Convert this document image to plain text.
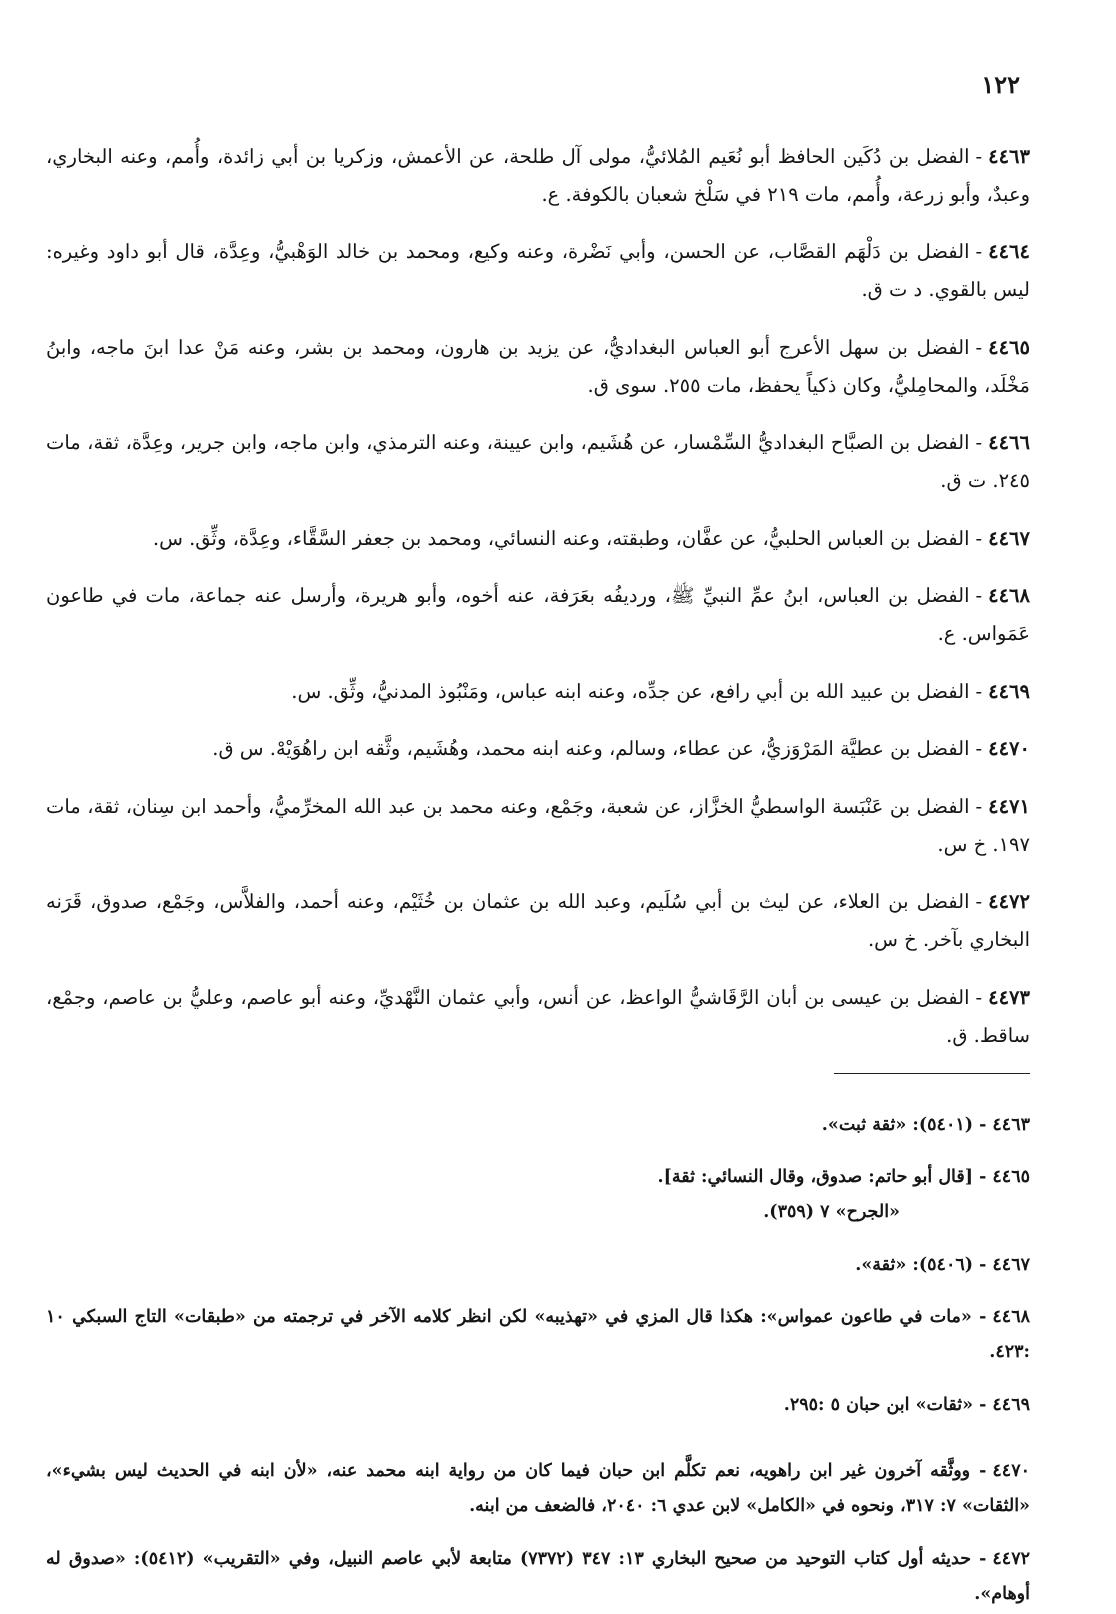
١٢٢

٤٤٦٣-الفضل بن دُكَين الحافظ أبو نُعَيم المُلائيُّ، مولى آل طلحة، عن الأعمش، وزكريا بن أبي زائدة، وأُمم، وعنه البخاري، وعبدٌ، وأبو زرعة، وأُمم، مات ٢١٩ في سَلْخ شعبان بالكوفة. ع.

٤٤٦٤-الفضل بن دَلْهَم القصَّاب، عن الحسن، وأبي نَضْرة، وعنه وكيع، ومحمد بن خالد الوَهْبيُّ، وعِدَّة، قال أبو داود وغيره: ليس بالقوي. د ت ق.

٤٤٦٥-الفضل بن سهل الأعرج أبو العباس البغداديُّ، عن يزيد بن هارون، ومحمد بن بشر، وعنه مَنْ عدا ابنَ ماجه، وابنُ مَخْلَد، والمحامِليُّ، وكان ذكياً يحفظ، مات ٢٥٥. سوى ق.

٤٤٦٦-الفضل بن الصبَّاح البغداديُّ السِّمْسار، عن هُشَيم، وابن عيينة، وعنه الترمذي، وابن ماجه، وابن جرير، وعِدَّة، ثقة، مات ٢٤٥. ت ق.

٤٤٦٧-الفضل بن العباس الحلبيُّ، عن عفَّان، وطبقته، وعنه النسائي، ومحمد بن جعفر السَّقَّاء، وعِدَّة، وثِّق. س.

٤٤٦٨-الفضل بن العباس، ابنُ عمِّ النبيِّ ﷺ، ورديفُه بعَرَفة، عنه أخوه، وأبو هريرة، وأرسل عنه جماعة، مات في طاعون عَمَواس. ع.

٤٤٦٩-الفضل بن عبيد الله بن أبي رافع، عن جدِّه، وعنه ابنه عباس، ومَنْبُوذ المدنيُّ، وثِّق. س.

٤٤٧٠-الفضل بن عطيَّة المَرْوَزيُّ، عن عطاء، وسالم، وعنه ابنه محمد، وهُشَيم، وثَّقه ابن راهُوَيْهْ. س ق.

٤٤٧١-الفضل بن عَنْبَسة الواسطيُّ الخزَّاز، عن شعبة، وجَمْع، وعنه محمد بن عبد الله المخرِّميُّ، وأحمد ابن سِنان، ثقة، مات ١٩٧. خ س.

٤٤٧٢-الفضل بن العلاء، عن ليث بن أبي سُلَيم، وعبد الله بن عثمان بن خُثَيْم، وعنه أحمد، والفلاَّس، وجَمْع، صدوق، قَرَنه البخاري بآخر. خ س.

٤٤٧٣-الفضل بن عيسى بن أبان الرَّقَاشيُّ الواعظ، عن أنس، وأبي عثمان النَّهْديِّ، وعنه أبو عاصم، وعليُّ بن عاصم، وجمْع، ساقط. ق.

٤٤٦٣- (٥٤٠١): «ثقة ثبت».

٤٤٦٥- [قال أبو حاتم: صدوق، وقال النسائي: ثقة].
«الجرح» ٧ (٣٥٩).

٤٤٦٧- (٥٤٠٦): «ثقة».

٤٤٦٨- «مات في طاعون عمواس»: هكذا قال المزي في «تهذيبه» لكن انظر كلامه الآخر في ترجمته من «طبقات» التاج السبكي ١٠ :٤٢٣.

٤٤٦٩- «ثقات» ابن حبان ٥ :٢٩٥.

٤٤٧٠- ووثَّقه آخرون غير ابن راهويه، نعم تكلَّم ابن حبان فيما كان من رواية ابنه محمد عنه، «لأن ابنه في الحديث ليس بشيء»، «الثقات» ٧: ٣١٧، ونحوه في «الكامل» لابن عدي ٦: ٢٠٤٠، فالضعف من ابنه.

٤٤٧٢- حديثه أول كتاب التوحيد من صحيح البخاري ١٣: ٣٤٧ (٧٣٧٢) متابعة لأبي عاصم النبيل، وفي «التقريب» (٥٤١٢): «صدوق له أوهام».
